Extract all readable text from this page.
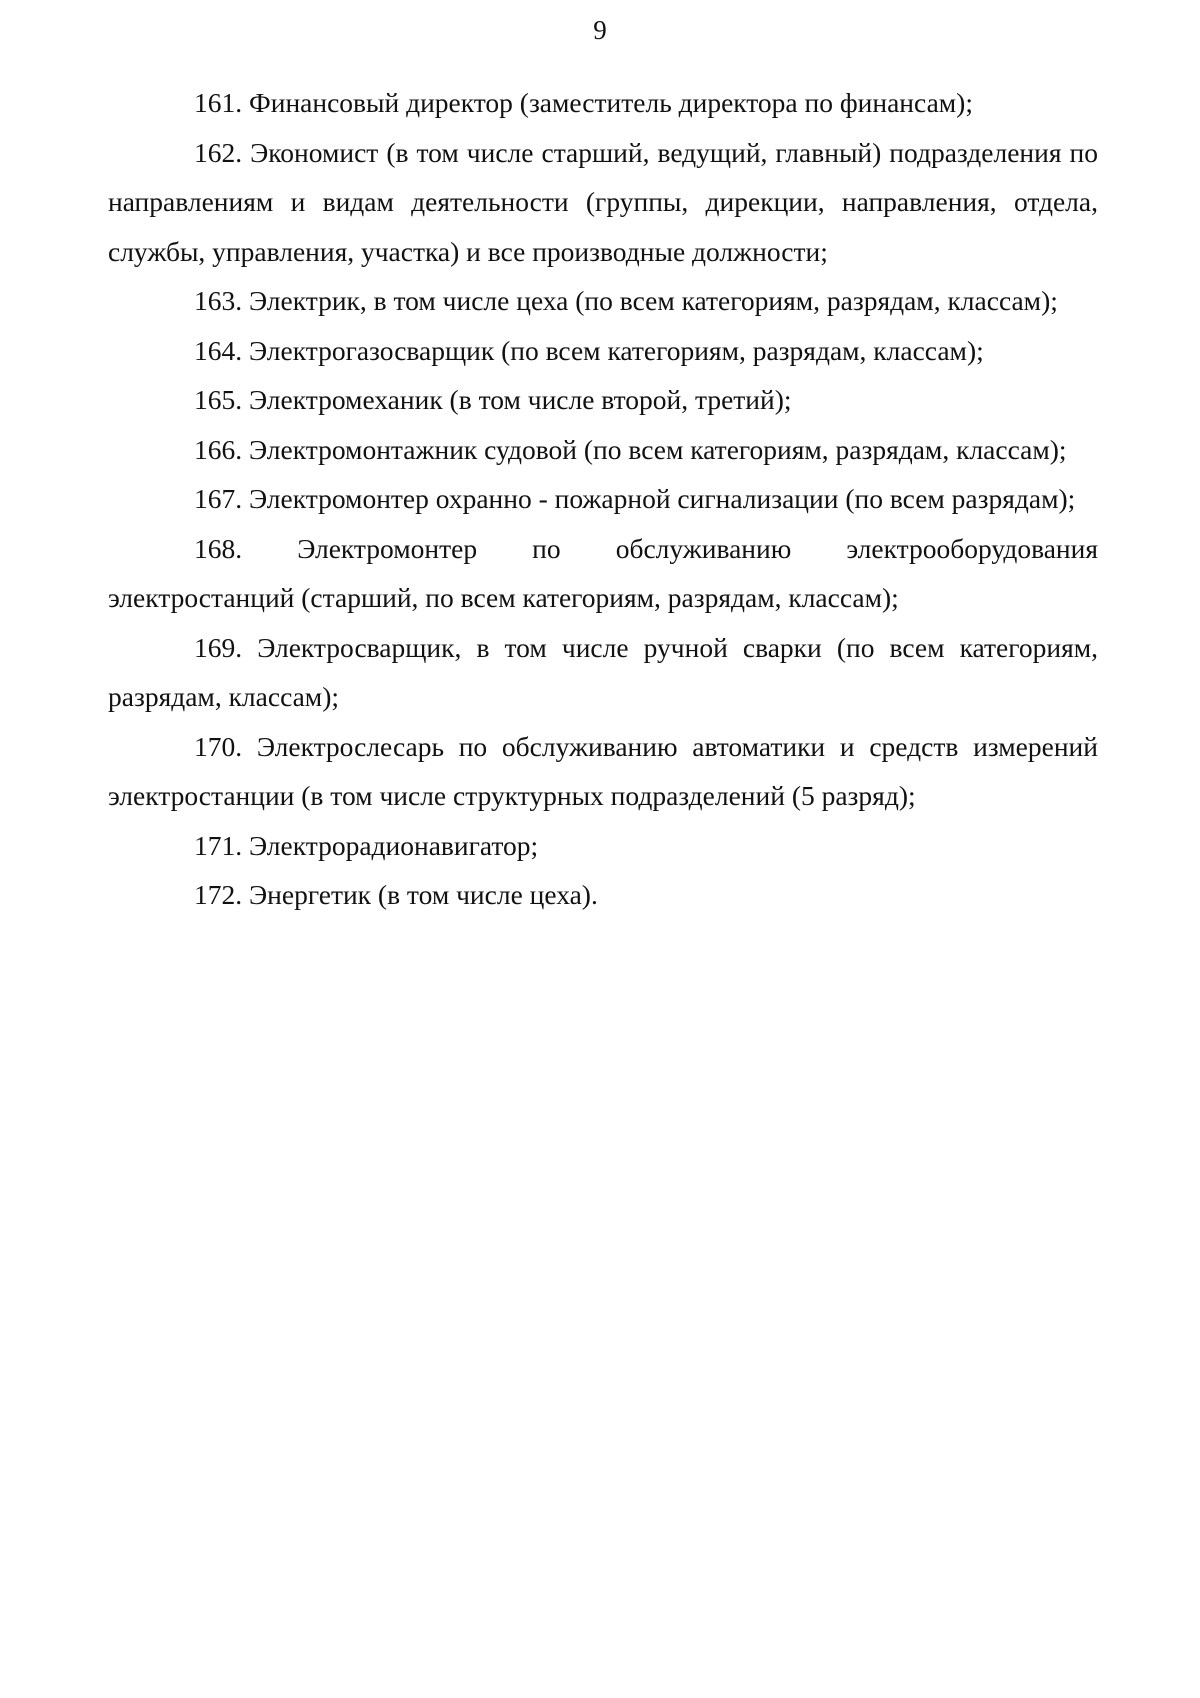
9

161. Финансовый директор (заместитель директора по финансам);

162. Экономист (в том числе старший, ведущий, главный) подразделения по направлениям и видам деятельности (группы, дирекции, направления, отдела, службы, управления, участка) и все производные должности;

163. Электрик, в том числе цеха (по всем категориям, разрядам, классам);

164. Электрогазосварщик (по всем категориям, разрядам, классам);

165. Электромеханик (в том числе второй, третий);

166. Электромонтажник судовой (по всем категориям, разрядам, классам);

167. Электромонтер охранно - пожарной сигнализации (по всем разрядам);

168. Электромонтер по обслуживанию электрооборудования электростанций (старший, по всем категориям, разрядам, классам);

169. Электросварщик, в том числе ручной сварки (по всем категориям, разрядам, классам);

170. Электрослесарь по обслуживанию автоматики и средств измерений электростанции (в том числе структурных подразделений (5 разряд);

171. Электрорадионавигатор;

172. Энергетик (в том числе цеха).
